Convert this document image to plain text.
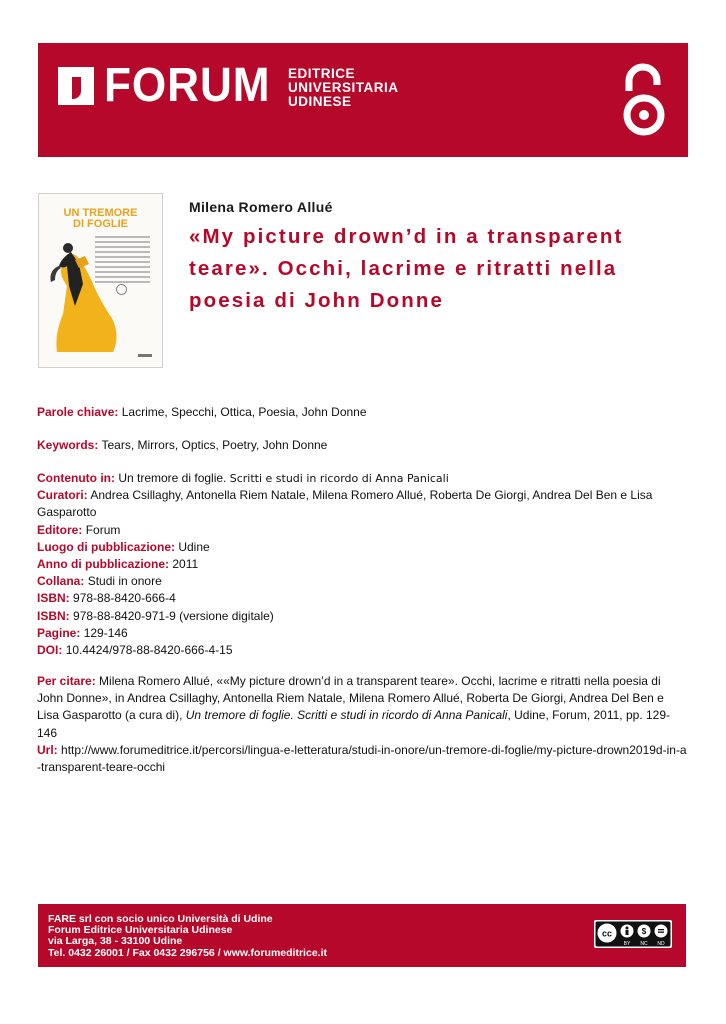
FORUM EDITRICE
UNIVERSITARIA
UDINESE
UN TREMORE
DI FOGLIE
Milena Romero Allué
«My picture drown’d in a transparent teare». Occhi, lacrime e ritratti nella poesia di John Donne
Parole chiave: Lacrime, Specchi, Ottica, Poesia, John Donne
Keywords: Tears, Mirrors, Optics, Poetry, John Donne
Contenuto in: Un tremore di foglie. Scritti e studi in ricordo di Anna Panicali
Curatori: Andrea Csillaghy, Antonella Riem Natale, Milena Romero Allué, Roberta De Giorgi, Andrea Del Ben e Lisa Gasparotto
Editore: Forum
Luogo di pubblicazione: Udine
Anno di pubblicazione: 2011
Collana: Studi in onore
ISBN: 978-88-8420-666-4
ISBN: 978-88-8420-971-9 (versione digitale)
Pagine: 129-146
DOI: 10.4424/978-88-8420-666-4-15
Per citare: Milena Romero Allué, ««My picture drown’d in a transparent teare». Occhi, lacrime e ritratti nella poesia di John Donne», in Andrea Csillaghy, Antonella Riem Natale, Milena Romero Allué, Roberta De Giorgi, Andrea Del Ben e Lisa Gasparotto (a cura di), Un tremore di foglie. Scritti e studi in ricordo di Anna Panicali, Udine, Forum, 2011, pp. 129-146
Url: http://www.forumeditrice.it/percorsi/lingua-e-letteratura/studi-in-onore/un-tremore-di-foglie/my-picture-drown2019d-in-a-transparent-teare-occhi
FARE srl con socio unico Università di Udine
Forum Editrice Universitaria Udinese
via Larga, 38 - 33100 Udine
Tel. 0432 26001 / Fax 0432 296756 / www.forumeditrice.it
cc	$
BY NC ND
